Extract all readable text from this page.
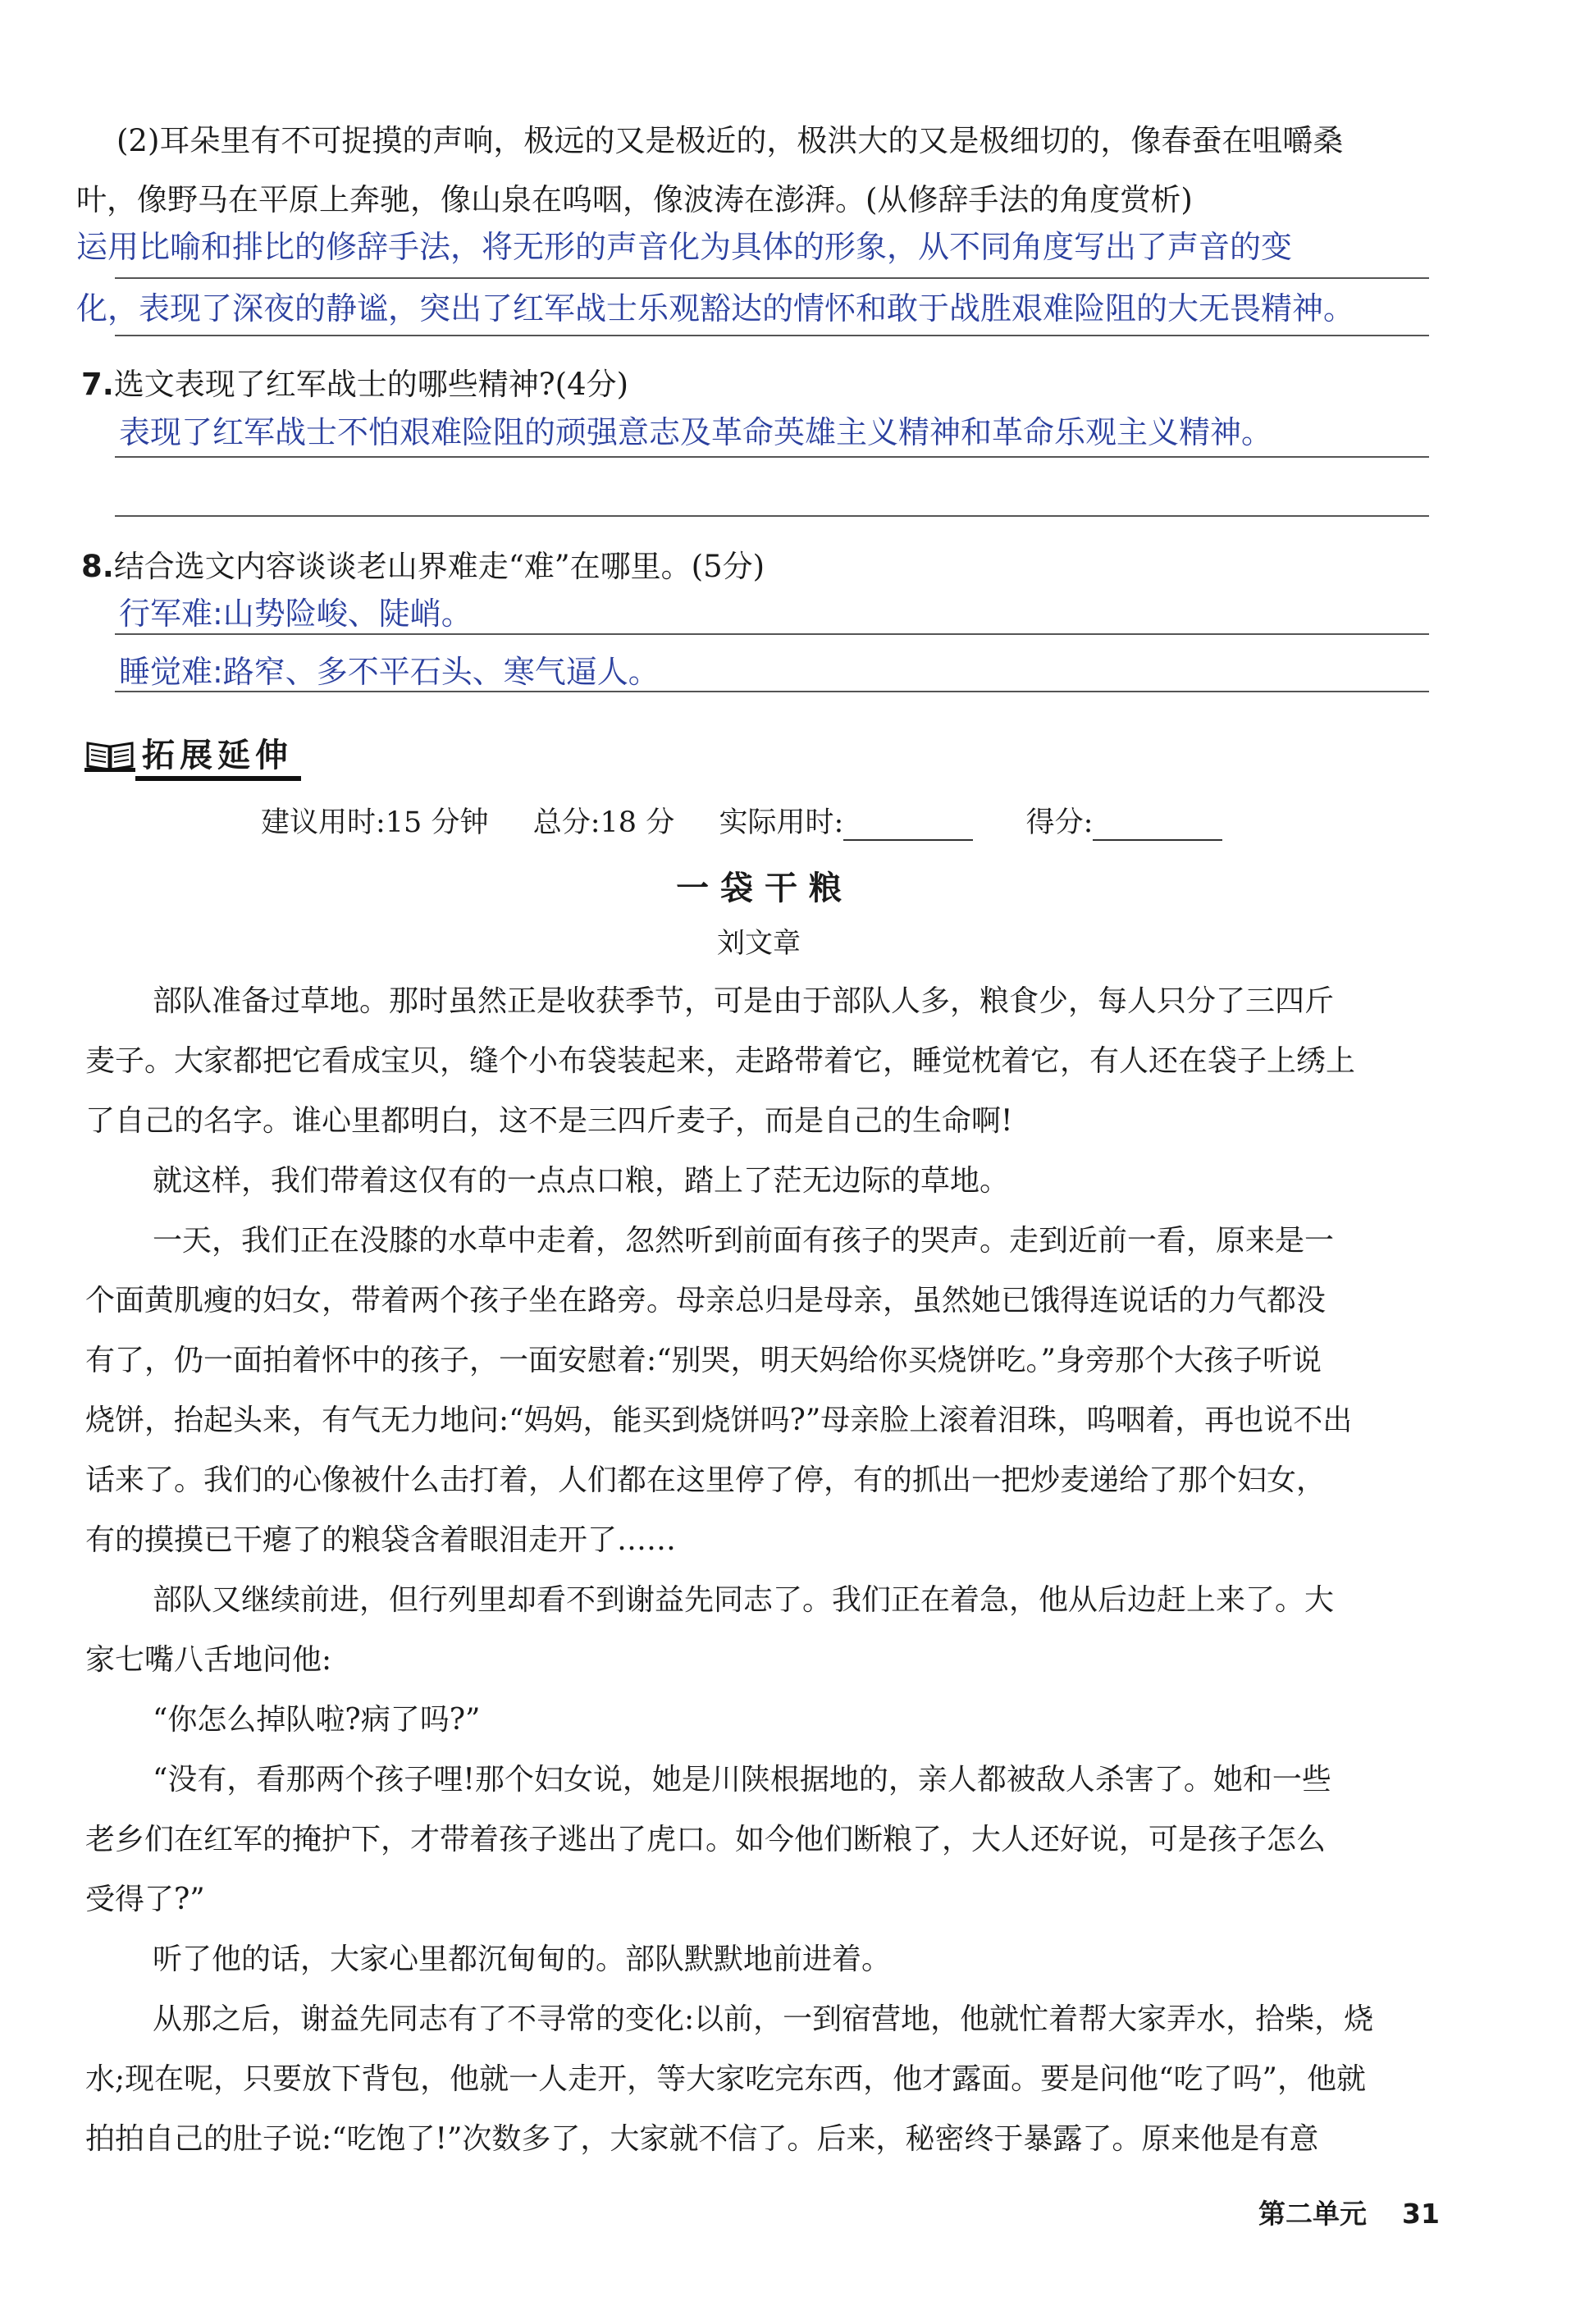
(2)耳朵里有不可捉摸的声响，极远的又是极近的，极洪大的又是极细切的，像春蚕在咀嚼桑
叶，像野马在平原上奔驰，像山泉在呜咽，像波涛在澎湃。(从修辞手法的角度赏析)
运用比喻和排比的修辞手法，将无形的声音化为具体的形象，从不同角度写出了声音的变
化，表现了深夜的静谧，突出了红军战士乐观豁达的情怀和敢于战胜艰难险阻的大无畏精神。
7.选文表现了红军战士的哪些精神?(4分)
表现了红军战士不怕艰难险阻的顽强意志及革命英雄主义精神和革命乐观主义精神。
8.结合选文内容谈谈老山界难走“难”在哪里。(5分)
行军难:山势险峻、陡峭。
睡觉难:路窄、多不平石头、寒气逼人。
拓展延伸
建议用时:15 分钟 总分:18 分 实际用时:	得分:
一 袋 干 粮
刘文章
部队准备过草地。那时虽然正是收获季节，可是由于部队人多，粮食少，每人只分了三四斤
麦子。大家都把它看成宝贝，缝个小布袋装起来，走路带着它，睡觉枕着它，有人还在袋子上绣上
了自己的名字。谁心里都明白，这不是三四斤麦子，而是自己的生命啊!
就这样，我们带着这仅有的一点点口粮，踏上了茫无边际的草地。
一天，我们正在没膝的水草中走着，忽然听到前面有孩子的哭声。走到近前一看，原来是一
个面黄肌瘦的妇女，带着两个孩子坐在路旁。母亲总归是母亲，虽然她已饿得连说话的力气都没
有了，仍一面拍着怀中的孩子，一面安慰着:“别哭，明天妈给你买烧饼吃。”身旁那个大孩子听说
烧饼，抬起头来，有气无力地问:“妈妈，能买到烧饼吗?”母亲脸上滚着泪珠，呜咽着，再也说不出
话来了。我们的心像被什么击打着，人们都在这里停了停，有的抓出一把炒麦递给了那个妇女，
有的摸摸已干瘪了的粮袋含着眼泪走开了……
部队又继续前进，但行列里却看不到谢益先同志了。我们正在着急，他从后边赶上来了。大
家七嘴八舌地问他:
“你怎么掉队啦?病了吗?”
“没有，看那两个孩子哩!那个妇女说，她是川陕根据地的，亲人都被敌人杀害了。她和一些
老乡们在红军的掩护下，才带着孩子逃出了虎口。如今他们断粮了，大人还好说，可是孩子怎么
受得了?”
听了他的话，大家心里都沉甸甸的。部队默默地前进着。
从那之后，谢益先同志有了不寻常的变化:以前，一到宿营地，他就忙着帮大家弄水，拾柴，烧
水;现在呢，只要放下背包，他就一人走开，等大家吃完东西，他才露面。要是问他“吃了吗”，他就
拍拍自己的肚子说:“吃饱了!”次数多了，大家就不信了。后来，秘密终于暴露了。原来他是有意
第二单元 31
